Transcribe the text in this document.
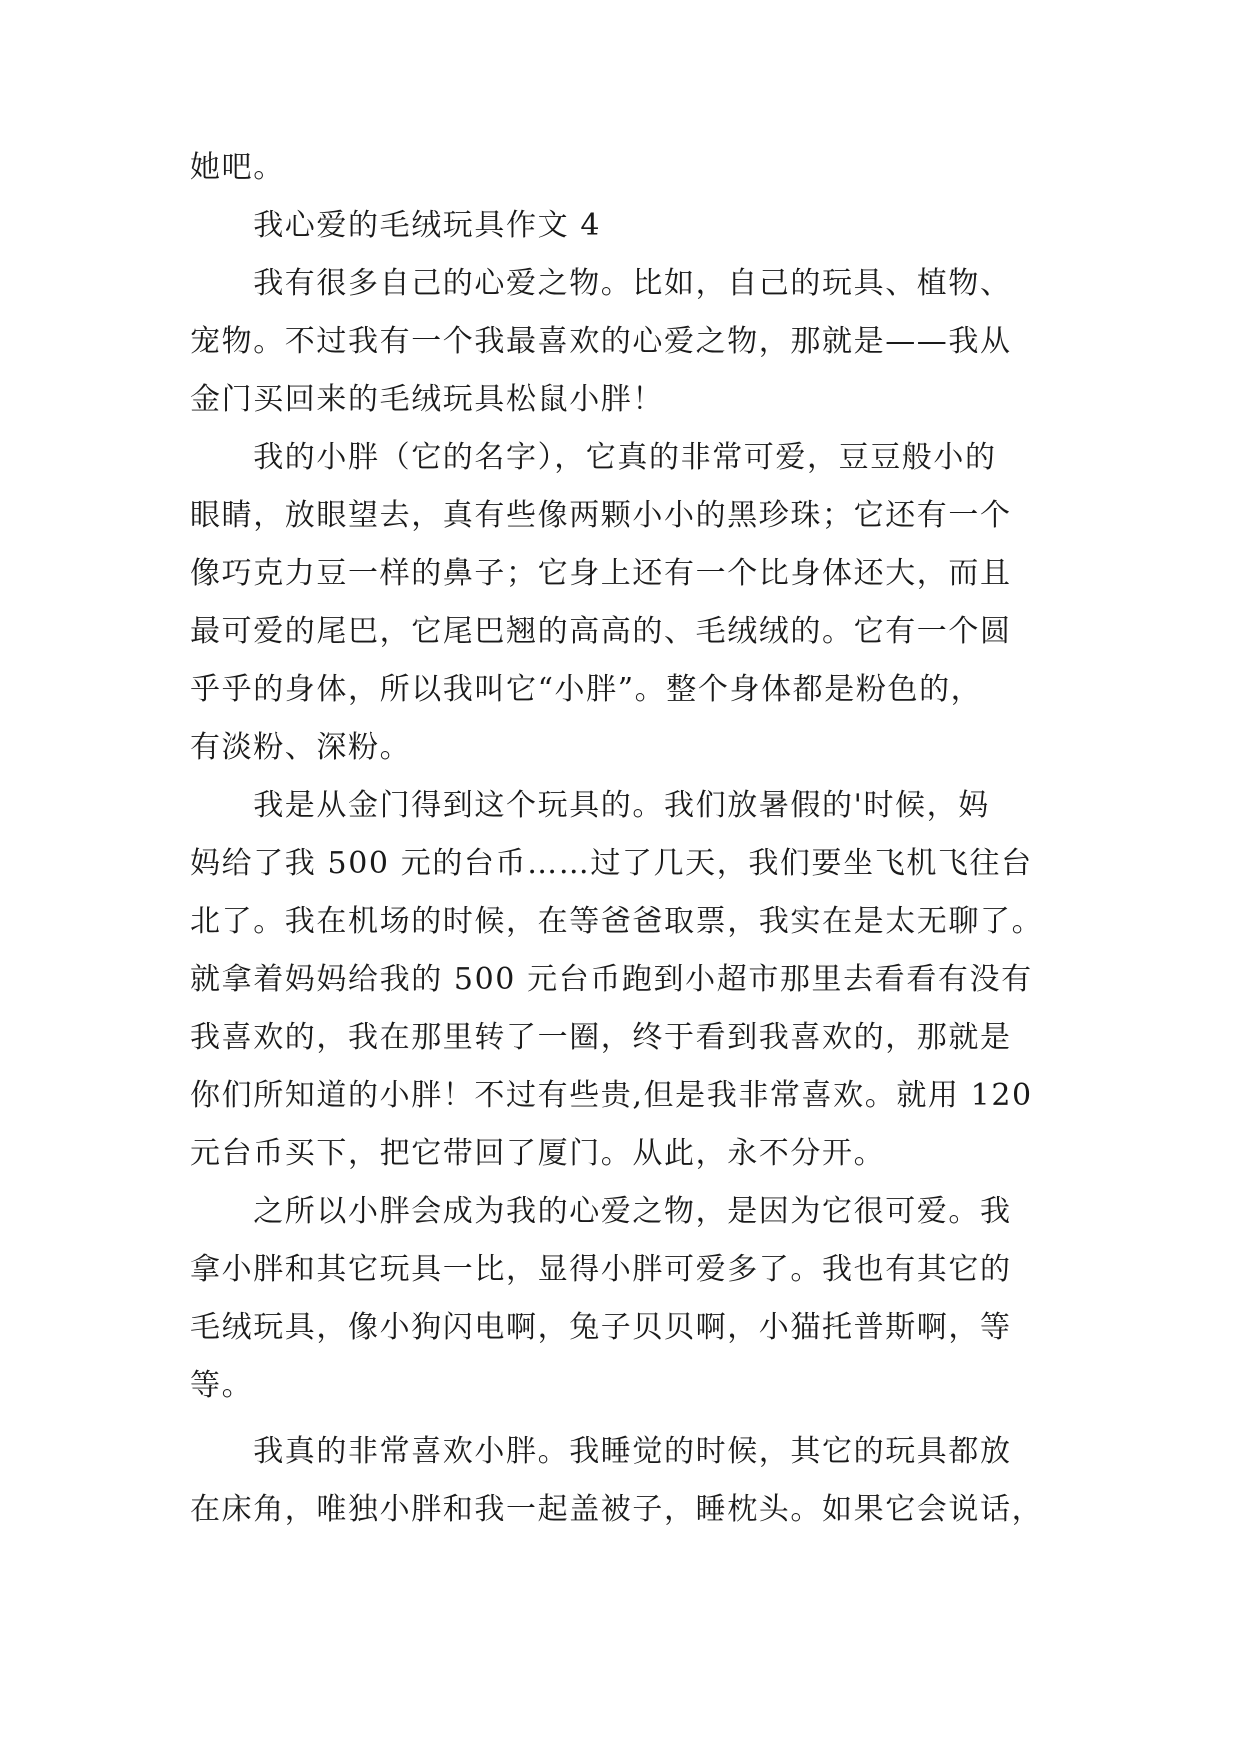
她吧。
　　我心爱的毛绒玩具作文 4
　　我有很多自己的心爱之物。比如，自己的玩具、植物、
宠物。不过我有一个我最喜欢的心爱之物，那就是——我从
金门买回来的毛绒玩具松鼠小胖！
　　我的小胖（它的名字），它真的非常可爱，豆豆般小的
眼睛，放眼望去，真有些像两颗小小的黑珍珠；它还有一个
像巧克力豆一样的鼻子；它身上还有一个比身体还大，而且
最可爱的尾巴，它尾巴翘的高高的、毛绒绒的。它有一个圆
乎乎的身体，所以我叫它“小胖”。整个身体都是粉色的，
有淡粉、深粉。
　　我是从金门得到这个玩具的。我们放暑假的'时候，妈
妈给了我 500 元的台币……过了几天，我们要坐飞机飞往台
北了。我在机场的时候，在等爸爸取票，我实在是太无聊了。
就拿着妈妈给我的 500 元台币跑到小超市那里去看看有没有
我喜欢的，我在那里转了一圈，终于看到我喜欢的，那就是
你们所知道的小胖！不过有些贵,但是我非常喜欢。就用 120
元台币买下，把它带回了厦门。从此，永不分开。
　　之所以小胖会成为我的心爱之物，是因为它很可爱。我
拿小胖和其它玩具一比，显得小胖可爱多了。我也有其它的
毛绒玩具，像小狗闪电啊，兔子贝贝啊，小猫托普斯啊，等
等。
　　我真的非常喜欢小胖。我睡觉的时候，其它的玩具都放
在床角，唯独小胖和我一起盖被子，睡枕头。如果它会说话，
